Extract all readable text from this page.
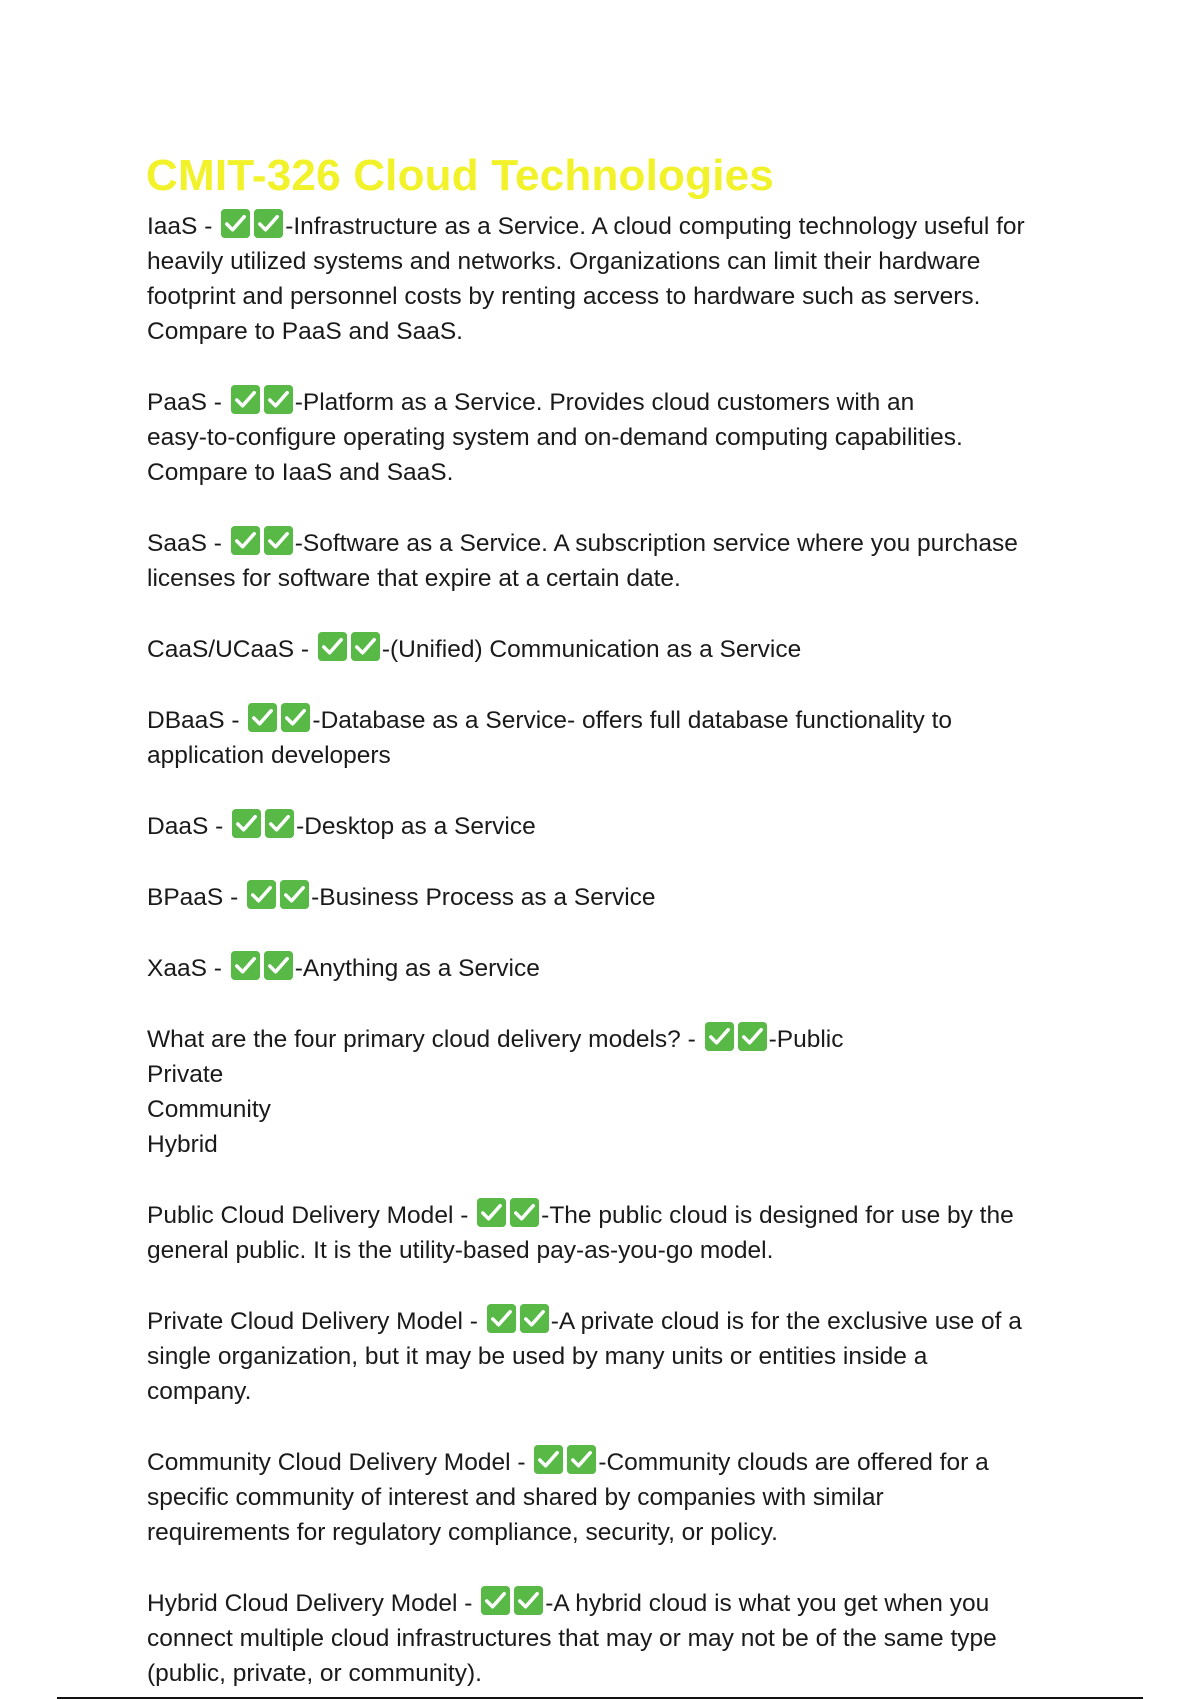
CMIT-326 Cloud Technologies
IaaS -	-Infrastructure as a Service. A cloud computing technology useful for
heavily utilized systems and networks. Organizations can limit their hardware
footprint and personnel costs by renting access to hardware such as servers.
Compare to PaaS and SaaS.
PaaS -	-Platform as a Service. Provides cloud customers with an
easy-to-configure operating system and on-demand computing capabilities.
Compare to IaaS and SaaS.
SaaS -	-Software as a Service. A subscription service where you purchase
licenses for software that expire at a certain date.
CaaS/UCaaS -	-(Unified) Communication as a Service
DBaaS -	-Database as a Service- offers full database functionality to
application developers
DaaS -	-Desktop as a Service
BPaaS -	-Business Process as a Service
XaaS -	-Anything as a Service
What are the four primary cloud delivery models? -	-Public
Private
Community
Hybrid
Public Cloud Delivery Model -	-The public cloud is designed for use by the
general public. It is the utility-based pay-as-you-go model.
Private Cloud Delivery Model -	-A private cloud is for the exclusive use of a
single organization, but it may be used by many units or entities inside a
company.
Community Cloud Delivery Model -	-Community clouds are offered for a
specific community of interest and shared by companies with similar
requirements for regulatory compliance, security, or policy.
Hybrid Cloud Delivery Model -	-A hybrid cloud is what you get when you
connect multiple cloud infrastructures that may or may not be of the same type
(public, private, or community).
